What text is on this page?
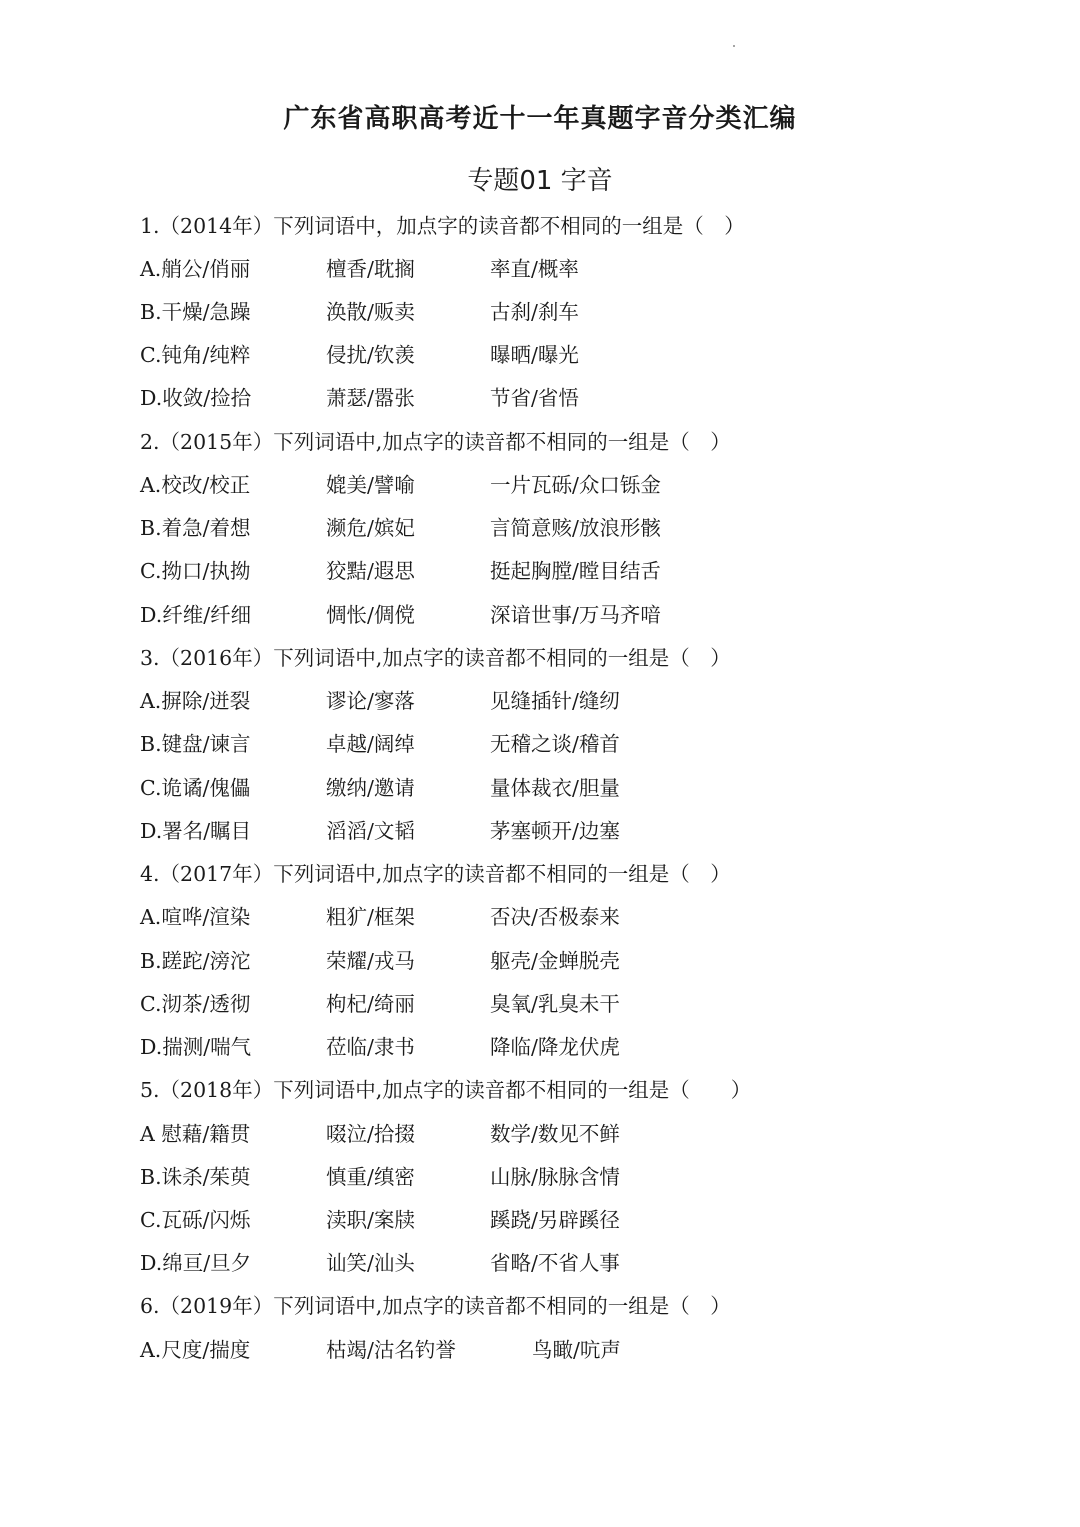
广东省高职高考近十一年真题字音分类汇编
专题01 字音
1.（2014年）下列词语中，加点字的读音都不相同的一组是（　）
A.艄公/俏丽	檀香/耽搁	率直/概率
B.干燥/急躁	涣散/贩卖	古刹/刹车
C.钝角/纯粹	侵扰/钦羡	曝晒/曝光
D.收敛/捡拾	萧瑟/嚣张	节省/省悟
2.（2015年）下列词语中,加点字的读音都不相同的一组是（　）
A.校改/校正	媲美/譬喻	一片瓦砾/众口铄金
B.着急/着想	濒危/嫔妃	言简意赅/放浪形骸
C.拗口/执拗	狡黠/遐思	挺起胸膛/瞠目结舌
D.纤维/纤细	惆怅/倜傥	深谙世事/万马齐喑
3.（2016年）下列词语中,加点字的读音都不相同的一组是（　）
A.摒除/迸裂	谬论/寥落	见缝插针/缝纫
B.键盘/谏言	卓越/阔绰	无稽之谈/稽首
C.诡谲/傀儡	缴纳/邀请	量体裁衣/胆量
D.署名/瞩目	滔滔/文韬	茅塞顿开/边塞
4.（2017年）下列词语中,加点字的读音都不相同的一组是（　）
A.喧哗/渲染	粗犷/框架	否决/否极泰来
B.蹉跎/滂沱	荣耀/戎马	躯壳/金蝉脱壳
C.沏茶/透彻	枸杞/绮丽	臭氧/乳臭未干
D.揣测/喘气	莅临/隶书	降临/降龙伏虎
5.（2018年）下列词语中,加点字的读音都不相同的一组是（　　）
A 慰藉/籍贯	啜泣/拾掇	数学/数见不鲜
B.诛杀/茱萸	慎重/缜密	山脉/脉脉含情
C.瓦砾/闪烁	渎职/案牍	蹊跷/另辟蹊径
D.绵亘/旦夕	讪笑/汕头	省略/不省人事
6.（2019年）下列词语中,加点字的读音都不相同的一组是（　）
A.尺度/揣度	枯竭/沽名钓誉	鸟瞰/吭声
